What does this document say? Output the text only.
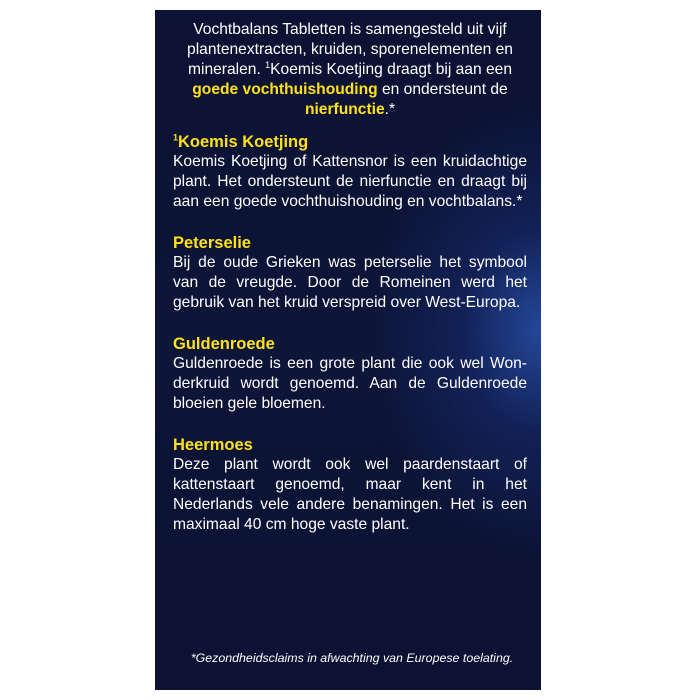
Vochtbalans Tabletten is samengesteld uit vijf plantenextracten, kruiden, sporenelementen en mineralen. $^1$Koemis Koetjing draagt bij aan een goede vochthuishouding en ondersteunt de nierfunctie.*

$^1$Koemis Koetjing

Koemis Koetjing of Kattensnor is een kruidachtige plant. Het ondersteunt de nierfunctie en draagt bij aan een goede vochthuishouding en vochtbalans.*

Peterselie

Bij de oude Grieken was peterselie het symbool van de vreugde. Door de Romeinen werd het gebruik van het kruid verspreid over West-Europa.

Guldenroede

Guldenroede is een grote plant die ook wel Wonderkruid wordt genoemd. Aan de Guldenroede bloeien gele bloemen.

Heermoes

Deze plant wordt ook wel paardenstaart of kattenstaart genoemd, maar kent in het Nederlands vele andere benamingen. Het is een maximaal 40 cm hoge vaste plant.

*Gezondheidsclaims in afwachting van Europese toelating.
